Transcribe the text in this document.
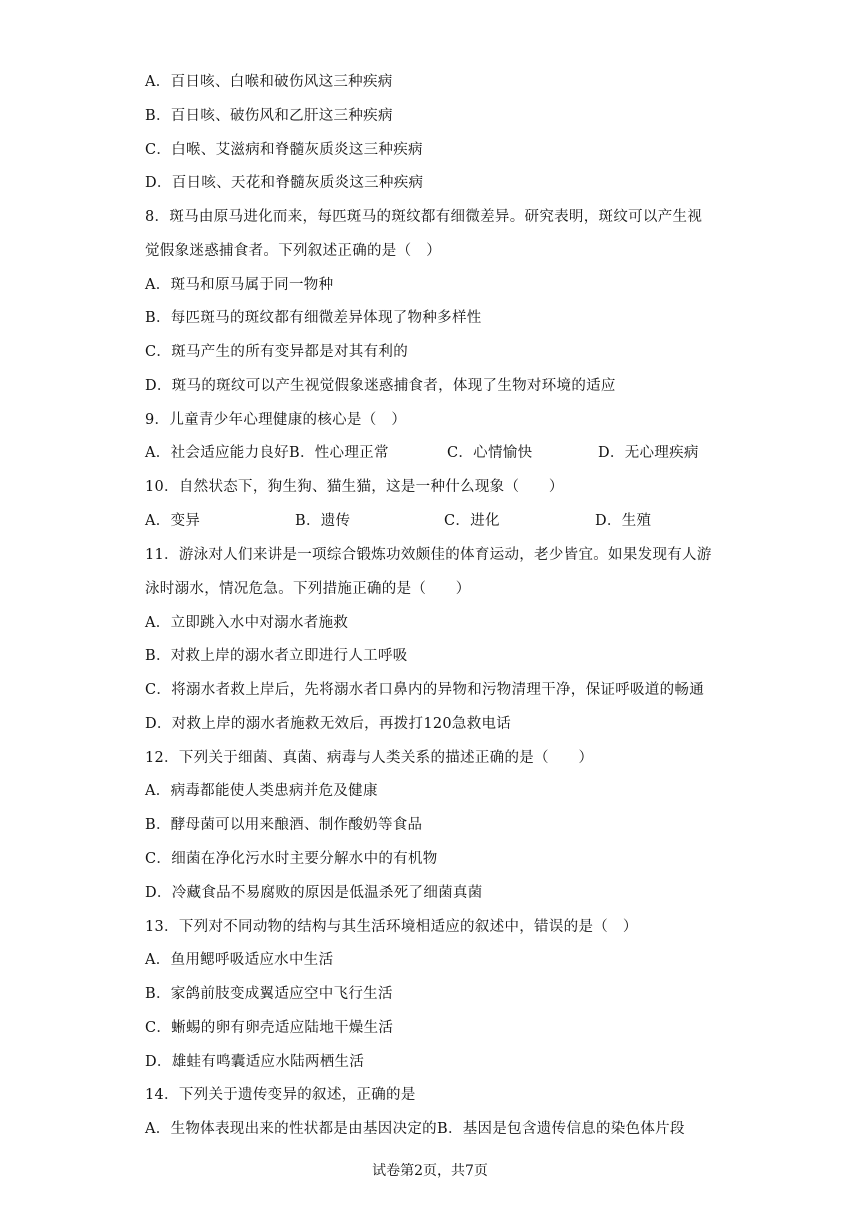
A．百日咳、白喉和破伤风这三种疾病
B．百日咳、破伤风和乙肝这三种疾病
C．白喉、艾滋病和脊髓灰质炎这三种疾病
D．百日咳、天花和脊髓灰质炎这三种疾病
8．斑马由原马进化而来，每匹斑马的斑纹都有细微差异。研究表明，斑纹可以产生视
觉假象迷惑捕食者。下列叙述正确的是（　）
A．斑马和原马属于同一物种
B．每匹斑马的斑纹都有细微差异体现了物种多样性
C．斑马产生的所有变异都是对其有利的
D．斑马的斑纹可以产生视觉假象迷惑捕食者，体现了生物对环境的适应
9．儿童青少年心理健康的核心是（　）
A．社会适应能力良好 B．性心理正常	C．心情愉快	D．无心理疾病
10．自然状态下，狗生狗、猫生猫，这是一种什么现象（　　）
A．变异	B．遗传	C．进化	D．生殖
11．游泳对人们来讲是一项综合锻炼功效颇佳的体育运动，老少皆宜。如果发现有人游
泳时溺水，情况危急。下列措施正确的是（　　）
A．立即跳入水中对溺水者施救
B．对救上岸的溺水者立即进行人工呼吸
C．将溺水者救上岸后，先将溺水者口鼻内的异物和污物清理干净，保证呼吸道的畅通
D．对救上岸的溺水者施救无效后，再拨打120急救电话
12．下列关于细菌、真菌、病毒与人类关系的描述正确的是（　　）
A．病毒都能使人类患病并危及健康
B．酵母菌可以用来酿酒、制作酸奶等食品
C．细菌在净化污水时主要分解水中的有机物
D．冷藏食品不易腐败的原因是低温杀死了细菌真菌
13．下列对不同动物的结构与其生活环境相适应的叙述中，错误的是（　）
A．鱼用鳃呼吸适应水中生活
B．家鸽前肢变成翼适应空中飞行生活
C．蜥蜴的卵有卵壳适应陆地干燥生活
D．雄蛙有鸣囊适应水陆两栖生活
14．下列关于遗传变异的叙述，正确的是
A．生物体表现出来的性状都是由基因决定的 B．基因是包含遗传信息的染色体片段
试卷第2页，共7页
